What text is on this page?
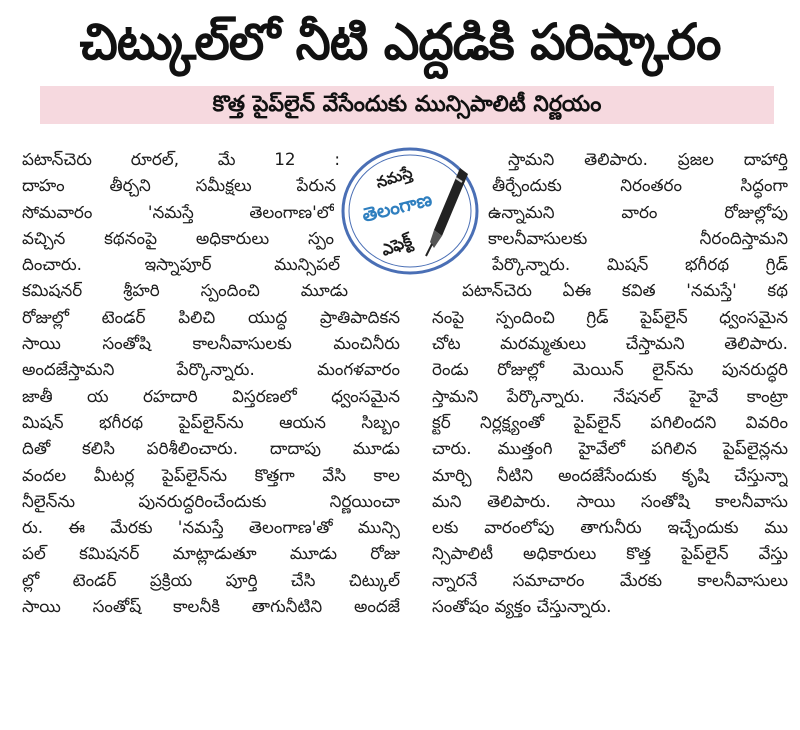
చిట్కుల్‌లో నీటి ఎద్దడికి పరిష్కారం
కొత్త పైప్‌లైన్ వేసేందుకు మున్సిపాలిటీ నిర్ణయం
నమస్తే
తెలంగాణ
ఎఫెక్ట్

పటాన్‌చెరు రూరల్, మే 12 :

దాహం తీర్చని సమీక్షలు పేరున

సోమవారం 'నమస్తే తెలంగాణ'లో

వచ్చిన కథనంపై అధికారులు స్పం

దించారు. ఇస్నాపూర్ మున్సిపల్

కమిషనర్ శ్రీహరి స్పందించి మూడు

రోజుల్లో టెండర్ పిలిచి యుద్ధ ప్రాతిపాదికన

సాయి సంతోషి కాలనీవాసులకు మంచినీరు

అందజేస్తామని పేర్కొన్నారు. మంగళవారం

జాతీ య రహదారి విస్తరణలో ధ్వంసమైన

మిషన్ భగీరథ పైప్‌లైన్‌ను ఆయన సిబ్బం

దితో కలిసి పరిశీలించారు. దాదాపు మూడు

వందల మీటర్ల పైప్‌లైన్‌ను కొత్తగా వేసి కాల

నీలైన్‌ను పునరుద్ధరించేందుకు నిర్ణయించా

రు. ఈ మేరకు 'నమస్తే తెలంగాణ'తో మున్సి

పల్ కమిషనర్ మాట్లాడుతూ మూడు రోజు

ల్లో టెండర్ ప్రక్రియ పూర్తి చేసి చిట్కుల్

సాయి సంతోష్ కాలనీకి తాగునీటిని అందజే

స్తామని తెలిపారు. ప్రజల దాహార్తి

తీర్చేందుకు నిరంతరం సిద్ధంగా

ఉన్నామని వారం రోజుల్లోపు

కాలనీవాసులకు నీరందిస్తామని

పేర్కొన్నారు. మిషన్ భగీరథ గ్రిడ్

పటాన్‌చెరు ఏఈ కవిత 'నమస్తే' కథ

నంపై స్పందించి గ్రిడ్ పైప్‌లైన్ ధ్వంసమైన

చోట మరమ్మతులు చేస్తామని తెలిపారు.

రెండు రోజుల్లో మెయిన్ లైన్‌ను పునరుద్ధరి

స్తామని పేర్కొన్నారు. నేషనల్ హైవే కాంట్రా

క్టర్ నిర్లక్ష్యంతో పైప్‌లైన్ పగిలిందని వివరిం

చారు. ముత్తంగి హైవేలో పగిలిన పైప్‌లైన్లను

మార్చి నీటిని అందజేసేందుకు కృషి చేస్తున్నా

మని తెలిపారు. సాయి సంతోషి కాలనీవాసు

లకు వారంలోపు తాగునీరు ఇచ్చేందుకు ము

న్సిపాలిటీ అధికారులు కొత్త పైప్‌లైన్ వేస్తు

న్నారనే సమాచారం మేరకు కాలనీవాసులు

సంతోషం వ్యక్తం చేస్తున్నారు.
